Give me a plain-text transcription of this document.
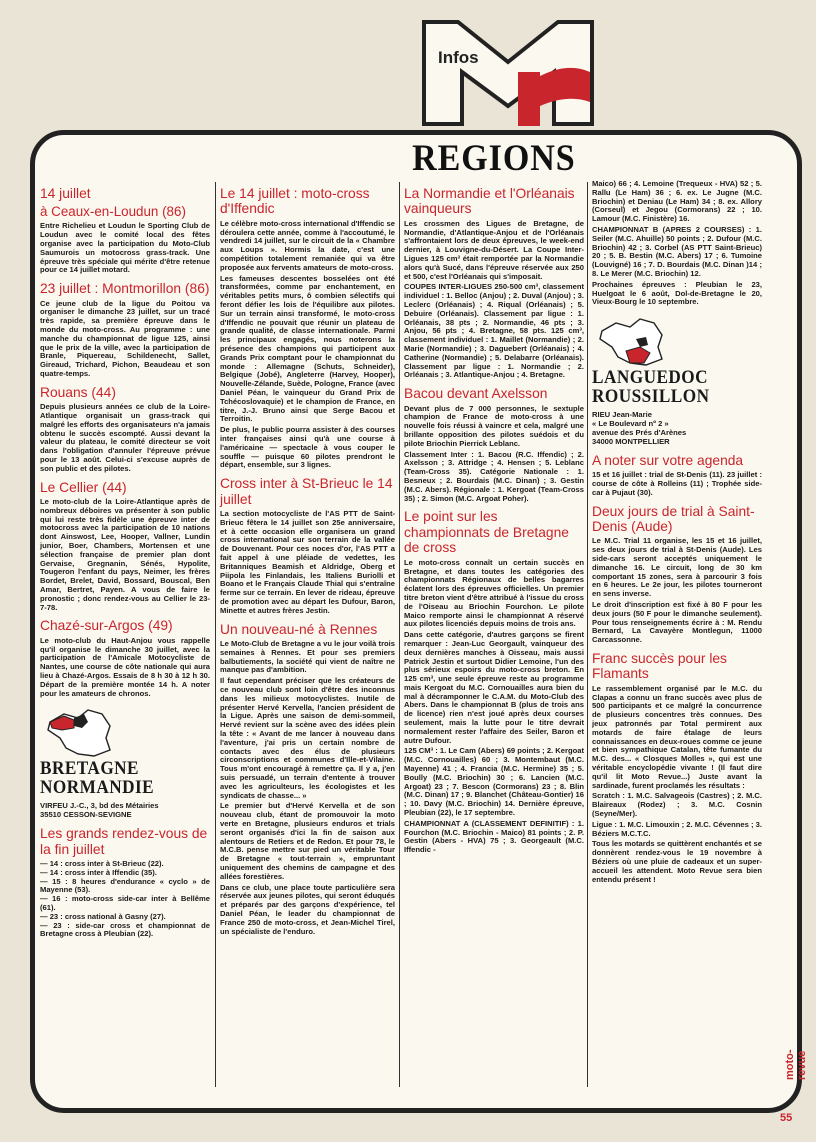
Infos
REGIONS
14 juillet
à Ceaux-en-Loudun (86)

Entre Richelieu et Loudun le Sporting Club de Loudun avec le comité local des fêtes organise avec la participation du Moto-Club Saumurois un motocross grass-track. Une épreuve très spéciale qui mérite d'être retenue pour ce 14 juillet motard.

23 juillet : Montmorillon (86)

Ce jeune club de la ligue du Poitou va organiser le dimanche 23 juillet, sur un tracé très rapide, sa première épreuve dans le monde du moto-cross. Au programme : une manche du championnat de ligue 125, ainsi que le prix de la ville, avec la participation de Branle, Piquereau, Schildenecht, Sallet, Gireaud, Trichard, Pichon, Beaudeau et son quatre-temps.

Rouans (44)

Depuis plusieurs années ce club de la Loire-Atlantique organisait un grass-track qui malgré les efforts des organisateurs n'a jamais obtenu le succès escompté. Aussi devant la valeur du plateau, le comité directeur se voit dans l'obligation d'annuler l'épreuve prévue pour le 13 août. Celui-ci s'excuse auprès de son public et des pilotes.

Le Cellier (44)

Le moto-club de la Loire-Atlantique après de nombreux déboires va présenter à son public qui lui reste très fidèle une épreuve inter de motocross avec la participation de 10 nations dont Ainswost, Lee, Hooper, Vallner, Lundin junior, Boer, Chambers, Mortensen et une sélection française de premier plan dont Gervaise, Gregnanin, Sénés, Hypolite, Tougeron l'enfant du pays, Neimer, les frères Bordet, Brelet, David, Bossard, Bouscal, Ben Amar, Bertret, Payen. A vous de faire le pronostic ; donc rendez-vous au Cellier le 23-7-78.

Chazé-sur-Argos (49)

Le moto-club du Haut-Anjou vous rappelle qu'il organise le dimanche 30 juillet, avec la participation de l'Amicale Motocycliste de Nantes, une course de côte nationale qui aura lieu à Chazé-Argos. Essais de 8 h 30 à 12 h 30. Départ de la première montée 14 h. A noter pour les amateurs de chronos.

BRETAGNE
NORMANDIE
VIRFEU J.-C., 3, bd des Métairies
35510 CESSON-SEVIGNE
Les grands rendez-vous de la fin juillet
— 14 : cross inter à St-Brieuc (22).
— 14 : cross inter à Iffendic (35).
— 15 : 8 heures d'endurance « cyclo » de Mayenne (53).
— 16 : moto-cross side-car inter à Bellême (61).
— 23 : cross national à Gasny (27).
— 23 : side-car cross et championnat de Bretagne cross à Pleubian (22).
Le 14 juillet : moto-cross d'Iffendic

Le célèbre moto-cross international d'Iffendic se déroulera cette année, comme à l'accoutumé, le vendredi 14 juillet, sur le circuit de la « Chambre aux Loups ». Hormis la date, c'est une compétition totalement remaniée qui va être proposée aux fervents amateurs de moto-cross.

Les fameuses descentes bosselées ont été transformées, comme par enchantement, en véritables petits murs, ô combien sélectifs qui feront défier les lois de l'équilibre aux pilotes. Sur un terrain ainsi transformé, le moto-cross d'Iffendic ne pouvait que réunir un plateau de grande qualité, de classe internationale. Parmi les principaux engagés, nous noterons la présence des champions qui participent aux Grands Prix comptant pour le championnat du monde : Allemagne (Schuts, Schneider), Belgique (Jobé), Angleterre (Harvey, Hooper), Nouvelle-Zélande, Suède, Pologne, France (avec Daniel Péan, le vainqueur du Grand Prix de Tchécoslovaquie) et le champion de France, en titre, J.-J. Bruno ainsi que Serge Bacou et Terroitin.

De plus, le public pourra assister à des courses inter françaises ainsi qu'à une course à l'américaine — spectacle à vous couper le souffle — puisque 60 pilotes prendront le départ, ensemble, sur 3 lignes.

Cross inter à St-Brieuc le 14 juillet

La section motocycliste de l'AS PTT de Saint-Brieuc fêtera le 14 juillet son 25e anniversaire, et à cette occasion elle organisera un grand cross international sur son terrain de la vallée de Douvenant. Pour ces noces d'or, l'AS PTT a fait appel à une pléiade de vedettes, les Britanniques Beamish et Aldridge, Oberg et Piipola les Finlandais, les Italiens Buriolli et Boano et le Français Claude Thial qui s'entraîne ferme sur ce terrain. En lever de rideau, épreuve de promotion avec au départ les Dufour, Baron, Minette et autres frères Jestin.

Un nouveau-né à Rennes

Le Moto-Club de Bretagne a vu le jour voilà trois semaines à Rennes. Et pour ses premiers balbutiements, la société qui vient de naître ne manque pas d'ambition.

Il faut cependant préciser que les créateurs de ce nouveau club sont loin d'être des inconnus dans les milieux motocyclistes. Inutile de présenter Hervé Kervella, l'ancien président de la Ligue. Après une saison de demi-sommeil, Hervé revient sur la scène avec des idées plein la tête : « Avant de me lancer à nouveau dans l'aventure, j'ai pris un certain nombre de contacts avec des élus de plusieurs circonscriptions et communes d'Ille-et-Vilaine. Tous m'ont encouragé à remettre ça. Il y a, j'en suis persuadé, un terrain d'entente à trouver avec les agriculteurs, les écologistes et les syndicats de chasse... »

Le premier but d'Hervé Kervella et de son nouveau club, étant de promouvoir la moto verte en Bretagne, plusieurs enduros et trials seront organisés d'ici la fin de saison aux alentours de Retiers et de Redon. Et pour 78, le M.C.B. pense mettre sur pied un véritable Tour de Bretagne « tout-terrain », empruntant uniquement des chemins de campagne et des allées forestières.

Dans ce club, une place toute particulière sera réservée aux jeunes pilotes, qui seront éduqués et préparés par des garçons d'expérience, tel Daniel Péan, le leader du championnat de France 250 de moto-cross, et Jean-Michel Tirel, un spécialiste de l'enduro.

La Normandie et l'Orléanais vainqueurs

Les crossmen des Ligues de Bretagne, de Normandie, d'Atlantique-Anjou et de l'Orléanais s'affrontaient lors de deux épreuves, le week-end dernier, à Louvigne-du-Désert. La Coupe Inter-Ligues 125 cm³ était remportée par la Normandie alors qu'à Sucé, dans l'épreuve réservée aux 250 et 500, c'est l'Orléanais qui s'imposait.

COUPES INTER-LIGUES 250-500 cm³, classement individuel : 1. Belloc (Anjou) ; 2. Duval (Anjou) ; 3. Leclerc (Orléanais) ; 4. Riqual (Orléanais) ; 5. Debuire (Orléanais). Classement par ligue : 1. Orléanais, 38 pts ; 2. Normandie, 46 pts ; 3. Anjou, 56 pts ; 4. Bretagne, 58 pts. 125 cm³, classement individuel : 1. Maillet (Normandie) ; 2. Marie (Normandie) ; 3. Daguebert (Orléanais) ; 4. Catherine (Normandie) ; 5. Delabarre (Orléanais). Classement par ligue : 1. Normandie ; 2. Orléanais ; 3. Atlantique-Anjou ; 4. Bretagne.

Bacou devant Axelsson

Devant plus de 7 000 personnes, le sextuple champion de France de moto-cross à une nouvelle fois réussi à vaincre et cela, malgré une brillante opposition des pilotes suédois et du pilote Briochin Pierrick Leblanc.

Classement Inter : 1. Bacou (R.C. Iffendic) ; 2. Axelsson ; 3. Attridge ; 4. Hensen ; 5. Leblanc (Team-Cross 35). Catégorie Nationale : 1. Besneux ; 2. Bourdais (M.C. Dinan) ; 3. Gestin (M.C. Abers). Régionale : 1. Kergoat (Team-Cross 35) ; 2. Simon (M.C. Argoat Poher).

Le point sur les championnats de Bretagne de cross

Le moto-cross connaît un certain succès en Bretagne, et dans toutes les catégories des championnats Régionaux de belles bagarres éclatent lors des épreuves officielles. Un premier titre breton vient d'être attribué à l'issue du cross de l'Oiseau au Briochin Fourchon. Le pilote Maico remporte ainsi le championnat A réservé aux pilotes licenciés depuis moins de trois ans.

Dans cette catégorie, d'autres garçons se firent remarquer : Jean-Luc Georgault, vainqueur des deux dernières manches à Oisseau, mais aussi Patrick Jestin et surtout Didier Lemoine, l'un des plus sérieux espoirs du moto-cross breton. En 125 cm³, une seule épreuve reste au programme mais Kergoat du M.C. Cornouailles aura bien du mal à décramponner le C.A.M. du Moto-Club des Abers. Dans le championnat B (plus de trois ans de licence) rien n'est joué après deux courses seulement, mais la lutte pour le titre devrait normalement rester l'affaire des Seiler, Baron et autre Dufour.

125 CM³ : 1. Le Cam (Abers) 69 points ; 2. Kergoat (M.C. Cornouailles) 60 ; 3. Montembaut (M.C. Mayenne) 41 ; 4. Francia (M.C. Hermine) 35 ; 5. Boully (M.C. Briochin) 30 ; 6. Lancien (M.C. Argoat) 23 ; 7. Bescon (Cormorans) 23 ; 8. Blin (M.C. Dinan) 17 ; 9. Blanchet (Château-Gontier) 16 ; 10. Davy (M.C. Briochin) 14. Dernière épreuve, Pleubian (22), le 17 septembre.

CHAMPIONNAT A (CLASSEMENT DEFINITIF) : 1. Fourchon (M.C. Briochin - Maico) 81 points ; 2. P. Gestin (Abers - HVA) 75 ; 3. Georgeault (M.C. Iffendic -

Maico) 66 ; 4. Lemoine (Trequeux - HVA) 52 ; 5. Rallu (Le Ham) 36 ; 6. ex. Le Jugne (M.C. Briochin) et Deniau (Le Ham) 34 ; 8. ex. Allory (Corseul) et Jegou (Cormorans) 22 ; 10. Lamour (M.C. Finistère) 16.

CHAMPIONNAT B (APRES 2 COURSES) : 1. Seiler (M.C. Ahuille) 50 points ; 2. Dufour (M.C. Briochin) 42 ; 3. Corbel (AS PTT Saint-Brieuc) 20 ; 5. B. Bestin (M.C. Abers) 17 ; 6. Tumoine (Louvigné) 16 ; 7. D. Bourdais (M.C. Dinan )14 ; 8. Le Merer (M.C. Briochin) 12.

Prochaines épreuves : Pleubian le 23, Huelgoat le 6 août, Dol-de-Bretagne le 20, Vieux-Bourg le 10 septembre.

LANGUEDOC
ROUSSILLON
RIEU Jean-Marie
« Le Boulevard nº 2 »
avenue des Prés d'Arènes
34000 MONTPELLIER
A noter sur votre agenda

15 et 16 juillet : trial de St-Denis (11). 23 juillet : course de côte à Rolleins (11) ; Trophée side-car à Pujaut (30).

Deux jours de trial à Saint-Denis (Aude)

Le M.C. Trial 11 organise, les 15 et 16 juillet, ses deux jours de trial à St-Denis (Aude). Les side-cars seront acceptés uniquement le dimanche 16. Le circuit, long de 30 km comportant 15 zones, sera à parcourir 3 fois en 6 heures. Le 2e jour, les pilotes tourneront en sens inverse.

Le droit d'inscription est fixé à 80 F pour les deux jours (50 F pour le dimanche seulement). Pour tous renseignements écrire à : M. Rendu Bernard, La Cavayère Montlegun, 11000 Carcassonne.

Franc succès pour les Flamants

Le rassemblement organisé par le M.C. du Clapas a connu un franc succès avec plus de 500 participants et ce malgré la concurrence de plusieurs concentres très connues. Des jeux patronnés par Total permirent aux motards de faire étalage de leurs connaissances en deux-roues comme ce jeune et bien sympathique Catalan, tête fumante du M.C. des... « Closques Molles », qui est une véritable encyclopédie vivante ! (Il faut dire qu'il lit Moto Revue...) Juste avant la sardinade, furent proclamés les résultats :

Scratch : 1. M.C. Salvageois (Castres) ; 2. M.C. Blaireaux (Rodez) ; 3. M.C. Cosnin (Seyne/Mer).

Ligue : 1. M.C. Limouxin ; 2. M.C. Cévennes ; 3. Béziers M.C.T.C.

Tous les motards se quittèrent enchantés et se donnèrent rendez-vous le 19 novembre à Béziers où une pluie de cadeaux et un super-accueil les attendent. Moto Revue sera bien entendu présent !

moto-revue
55
